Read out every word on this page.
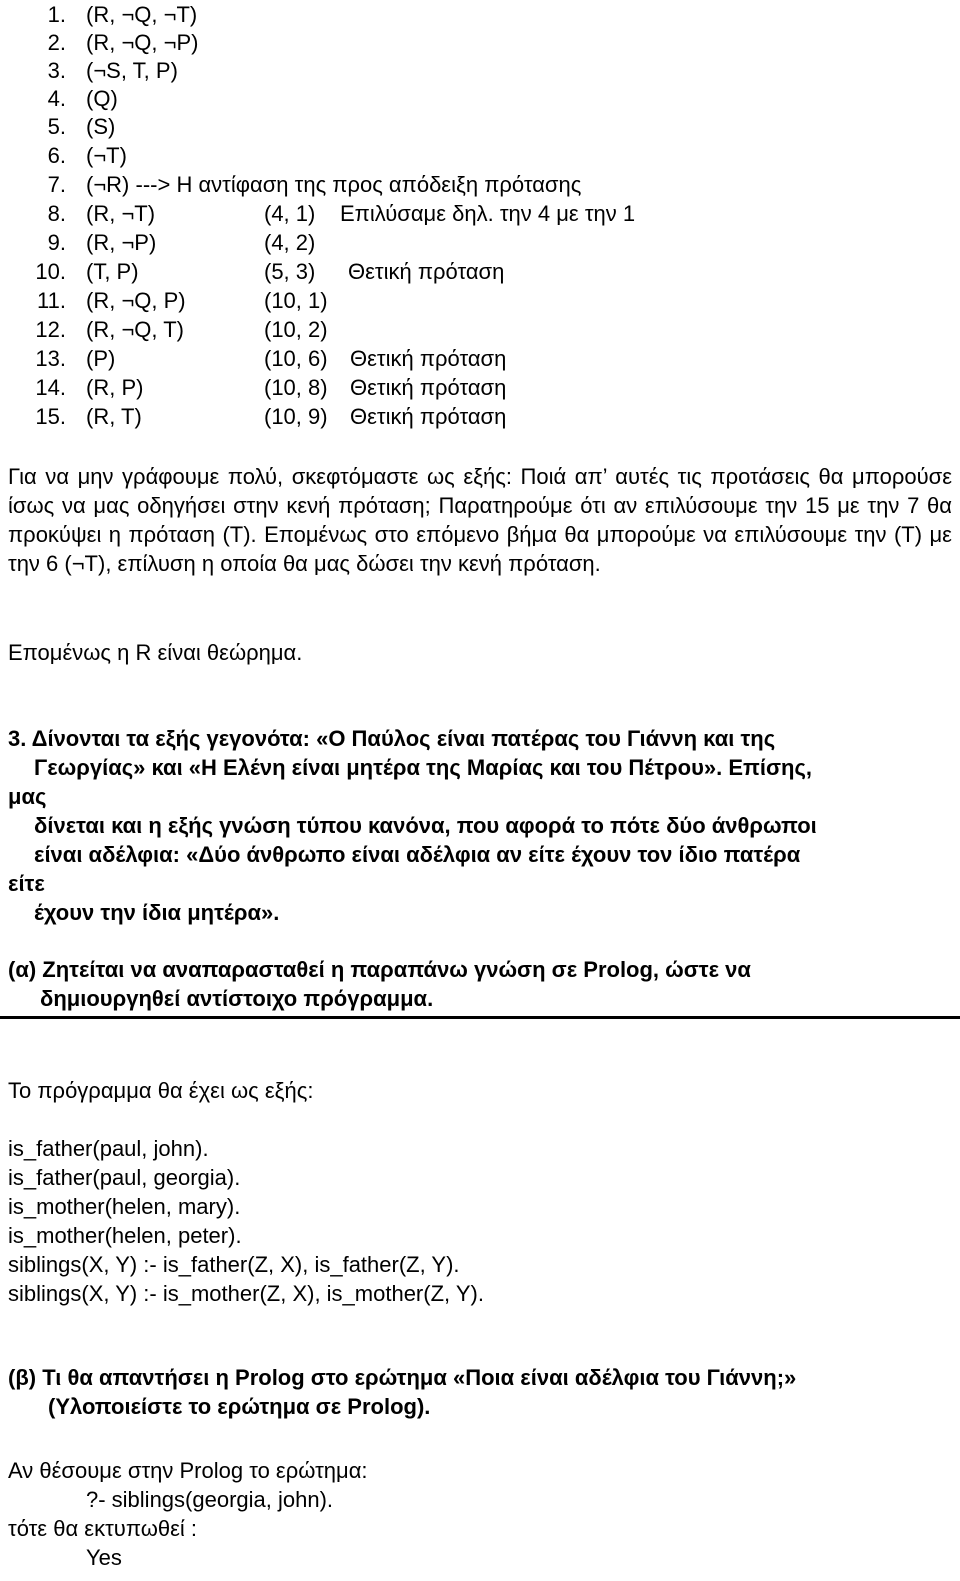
1. (R, ¬Q, ¬T)
2. (R, ¬Q, ¬P)
3. (¬S, T, P)
4. (Q)
5. (S)
6. (¬T)
7. (¬R) ---> Η αντίφαση της προς απόδειξη πρότασης
8. (R, ¬T)	(4, 1) Επιλύσαμε δηλ. την 4 με την 1
9. (R, ¬P)	(4, 2)
10. (T, P)	(5, 3) Θετική πρόταση
11. (R, ¬Q, P)	(10, 1)
12. (R, ¬Q, T)	(10, 2)
13. (P)	(10, 6) Θετική πρόταση
14. (R, P)	(10, 8) Θετική πρόταση
15. (R, T)	(10, 9) Θετική πρόταση
Για να μην γράφουμε πολύ, σκεφτόμαστε ως εξής: Ποιά απ’ αυτές τις προτάσεις θα μπορούσε ίσως να μας οδηγήσει στην κενή πρόταση; Παρατηρούμε ότι αν επιλύσουμε την 15 με την 7 θα προκύψει η πρόταση (T). Επομένως στο επόμενο βήμα θα μπορούμε να επιλύσουμε την (T) με την 6 (¬T), επίλυση η οποία θα μας δώσει την κενή πρόταση.
Επομένως η R είναι θεώρημα.
3. Δίνονται τα εξής γεγονότα: «Ο Παύλος είναι πατέρας του Γιάννη και της
Γεωργίας» και «Η Ελένη είναι μητέρα της Μαρίας και του Πέτρου». Επίσης,
μας
δίνεται και η εξής γνώση τύπου κανόνα, που αφορά το πότε δύο άνθρωποι
είναι αδέλφια: «Δύο άνθρωπο είναι αδέλφια αν είτε έχουν τον ίδιο πατέρα
είτε
έχουν την ίδια μητέρα».
(α) Ζητείται να αναπαρασταθεί η παραπάνω γνώση σε Prolog, ώστε να
δημιουργηθεί αντίστοιχο πρόγραμμα.
Το πρόγραμμα θα έχει ως εξής:
is_father(paul, john).
is_father(paul, georgia).
is_mother(helen, mary).
is_mother(helen, peter).
siblings(X, Y) :- is_father(Z, X), is_father(Z, Y).
siblings(X, Y) :- is_mother(Z, X), is_mother(Z, Y).
(β) Τι θα απαντήσει η Prolog στο ερώτημα «Ποια είναι αδέλφια του Γιάννη;»
(Υλοποιείστε το ερώτημα σε Prolog).
Αν θέσουμε στην Prolog το ερώτημα:
?- siblings(georgia, john).
τότε θα εκτυπωθεί :
Yes
